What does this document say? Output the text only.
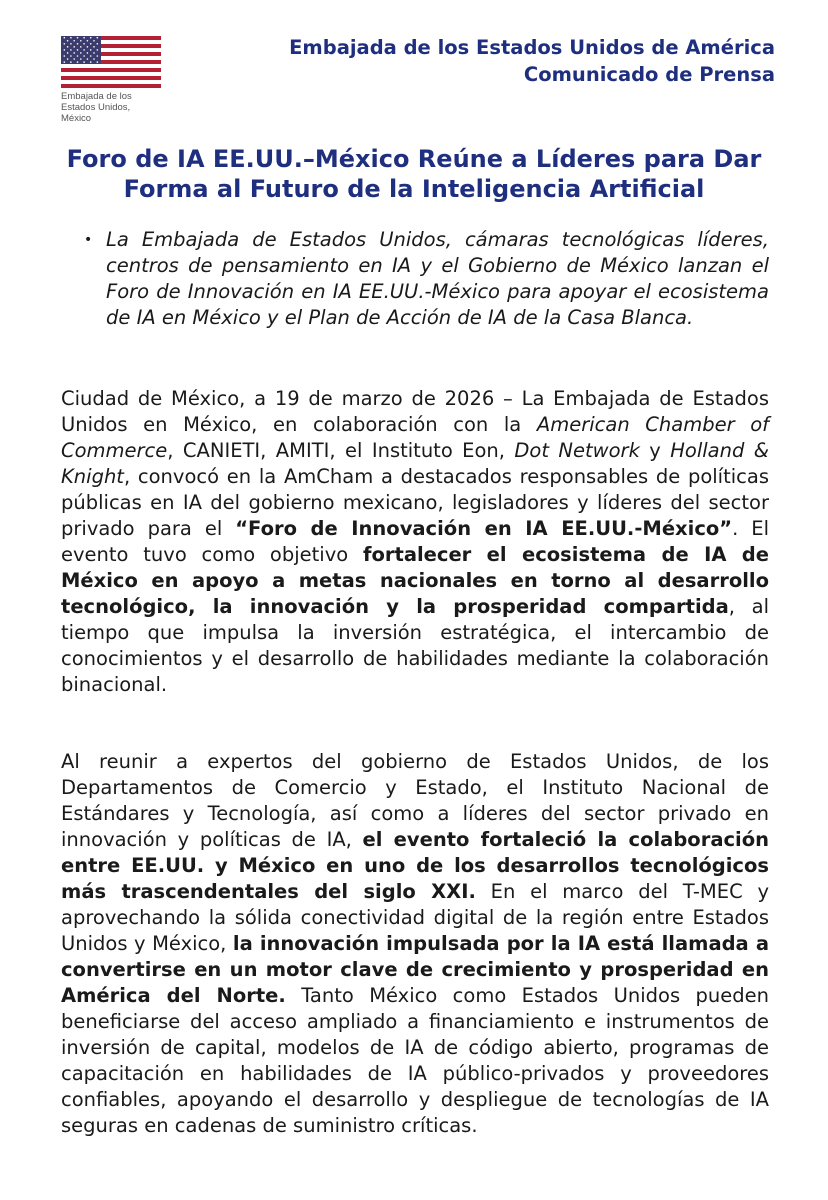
Embajada de los Estados Unidos, México
Embajada de los Estados Unidos de América
Comunicado de Prensa
Foro de IA EE.UU.–México Reúne a Líderes para Dar
Forma al Futuro de la Inteligencia Artificial
• La Embajada de Estados Unidos, cámaras tecnológicas líderes, centros de pensamiento en IA y el Gobierno de México lanzan el Foro de Innovación en IA EE.UU.-México para apoyar el ecosistema de IA en México y el Plan de Acción de IA de la Casa Blanca.
Ciudad de México, a 19 de marzo de 2026 – La Embajada de Estados Unidos en México, en colaboración con la American Chamber of Commerce, CANIETI, AMITI, el Instituto Eon, Dot Network y Holland & Knight, convocó en la AmCham a destacados responsables de políticas públicas en IA del gobierno mexicano, legisladores y líderes del sector privado para el “Foro de Innovación en IA EE.UU.-México”. El evento tuvo como objetivo fortalecer el ecosistema de IA de México en apoyo a metas nacionales en torno al desarrollo tecnológico, la innovación y la prosperidad compartida, al tiempo que impulsa la inversión estratégica, el intercambio de conocimientos y el desarrollo de habilidades mediante la colaboración binacional.
Al reunir a expertos del gobierno de Estados Unidos, de los Departamentos de Comercio y Estado, el Instituto Nacional de Estándares y Tecnología, así como a líderes del sector privado en innovación y políticas de IA, el evento fortaleció la colaboración entre EE.UU. y México en uno de los desarrollos tecnológicos más trascendentales del siglo XXI. En el marco del T-MEC y aprovechando la sólida conectividad digital de la región entre Estados Unidos y México, la innovación impulsada por la IA está llamada a convertirse en un motor clave de crecimiento y prosperidad en América del Norte. Tanto México como Estados Unidos pueden beneficiarse del acceso ampliado a financiamiento e instrumentos de inversión de capital, modelos de IA de código abierto, programas de capacitación en habilidades de IA público-privados y proveedores confiables, apoyando el desarrollo y despliegue de tecnologías de IA seguras en cadenas de suministro críticas.
